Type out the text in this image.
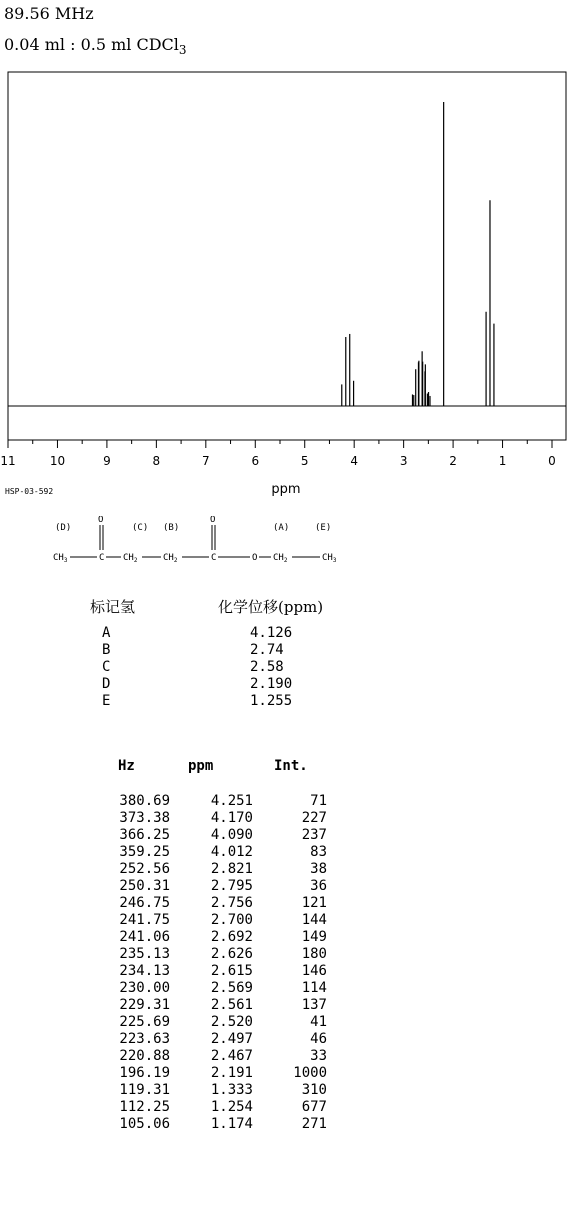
89.56 MHz
0.04 ml : 0.5 ml CDCl$_3$
11	10	9	8	7	6	5	4	3	2	1	0
ppm
HSP-03-592
(D)	(C) (B)	(A)	(E)
O	O
$CH_3$	C $CH_2$	$CH_2$	C	O $CH_2$	$CH_3$
标记氢	化学位移(ppm)
A	4.126
B	2.74
C	2.58
D	2.190
E	1.255
Hz	ppm	Int.
380.69	4.251	71
373.38	4.170	227
366.25	4.090	237
359.25	4.012	83
252.56	2.821	38
250.31	2.795	36
246.75	2.756	121
241.75	2.700	144
241.06	2.692	149
235.13	2.626	180
234.13	2.615	146
230.00	2.569	114
229.31	2.561	137
225.69	2.520	41
223.63	2.497	46
220.88	2.467	33
196.19	2.191	1000
119.31	1.333	310
112.25	1.254	677
105.06	1.174	271
